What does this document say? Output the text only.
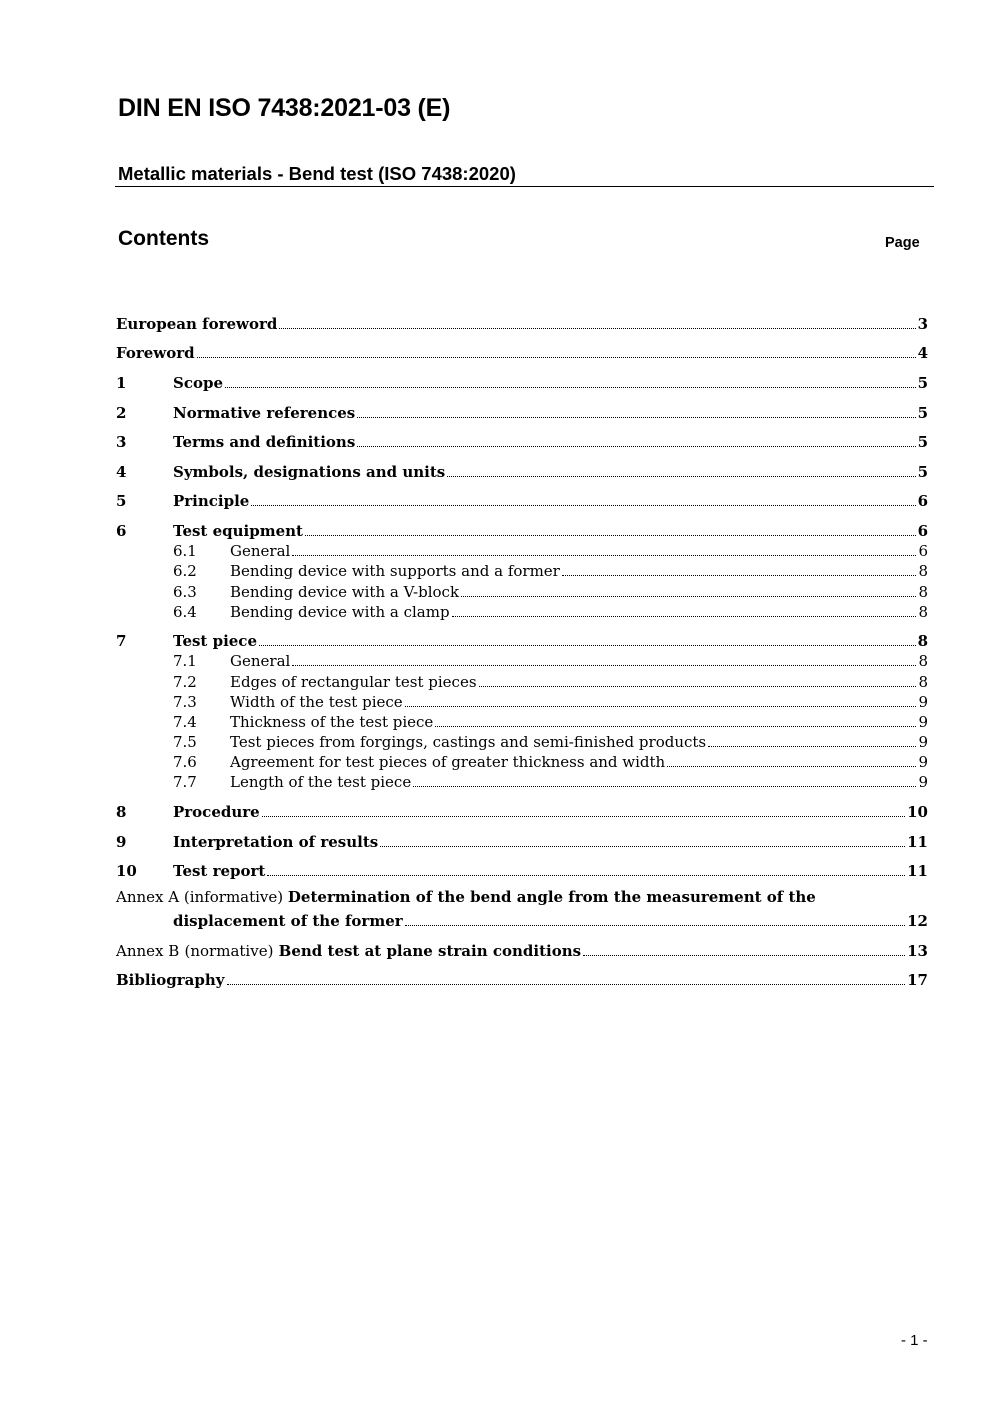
DIN EN ISO 7438:2021-03 (E)
Metallic materials - Bend test (ISO 7438:2020)
Contents	Page
European foreword	3
Foreword	4
1	Scope	5
2	Normative references	5
3	Terms and definitions	5
4	Symbols, designations and units	5
5	Principle	6
6	Test equipment	6
6.1	General	6
6.2	Bending device with supports and a former	8
6.3	Bending device with a V-block	8
6.4	Bending device with a clamp	8
7	Test piece	8
7.1	General	8
7.2	Edges of rectangular test pieces	8
7.3	Width of the test piece	9
7.4	Thickness of the test piece	9
7.5	Test pieces from forgings, castings and semi-finished products	9
7.6	Agreement for test pieces of greater thickness and width	9
7.7	Length of the test piece	9
8	Procedure	10
9	Interpretation of results	11
10	Test report	11
Annex A (informative) Determination of the bend angle from the measurement of the
displacement of the former	12
Annex B (normative) Bend test at plane strain conditions	13
Bibliography	17
- 1 -
